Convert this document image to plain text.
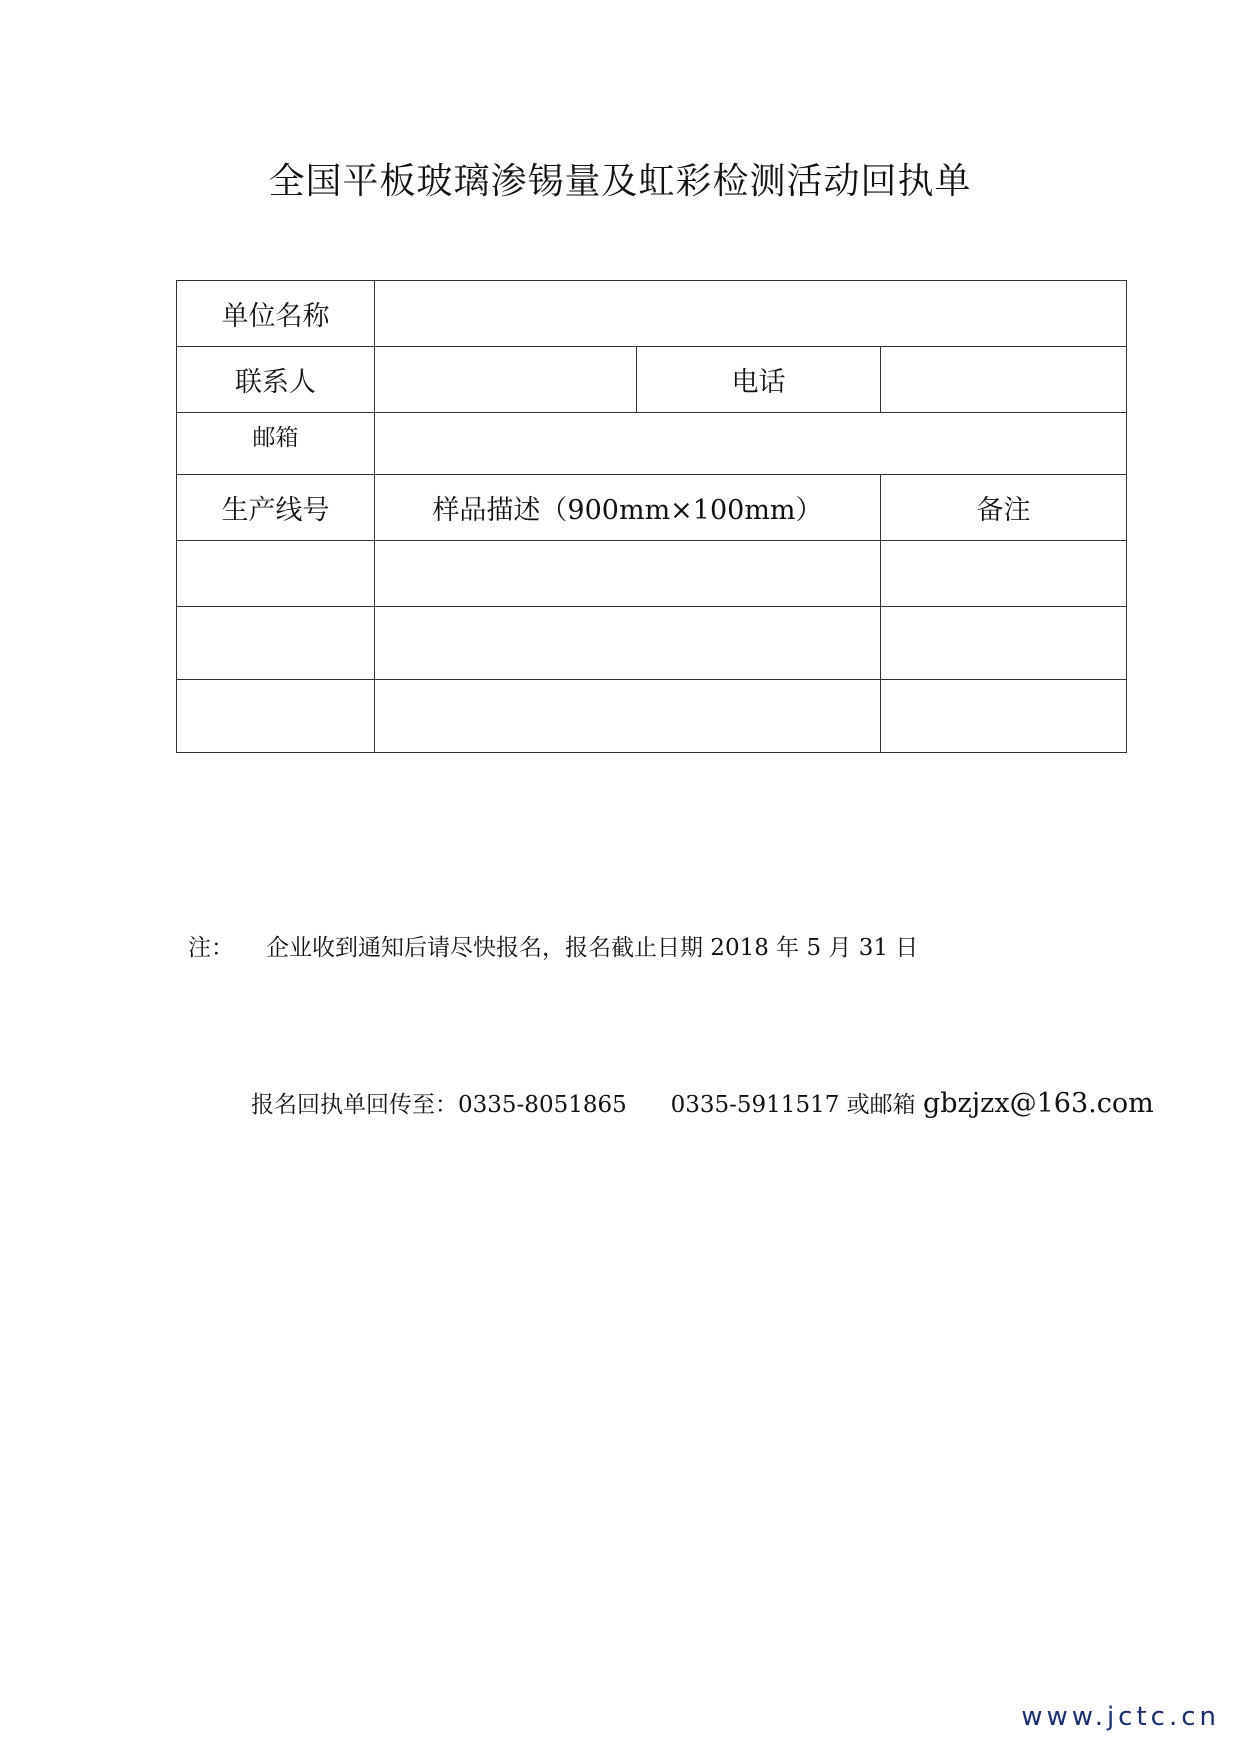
全国平板玻璃渗锡量及虹彩检测活动回执单
单位名称			
联系人		电话	
邮箱			
生产线号	样品描述（900mm×100mm）		备注

注： 企业收到通知后请尽快报名，报名截止日期 2018 年 5 月 31 日

报名回执单回传至：0335-8051865      0335-5911517 或邮箱 gbzjzx@163.com

www.jctc.cn
